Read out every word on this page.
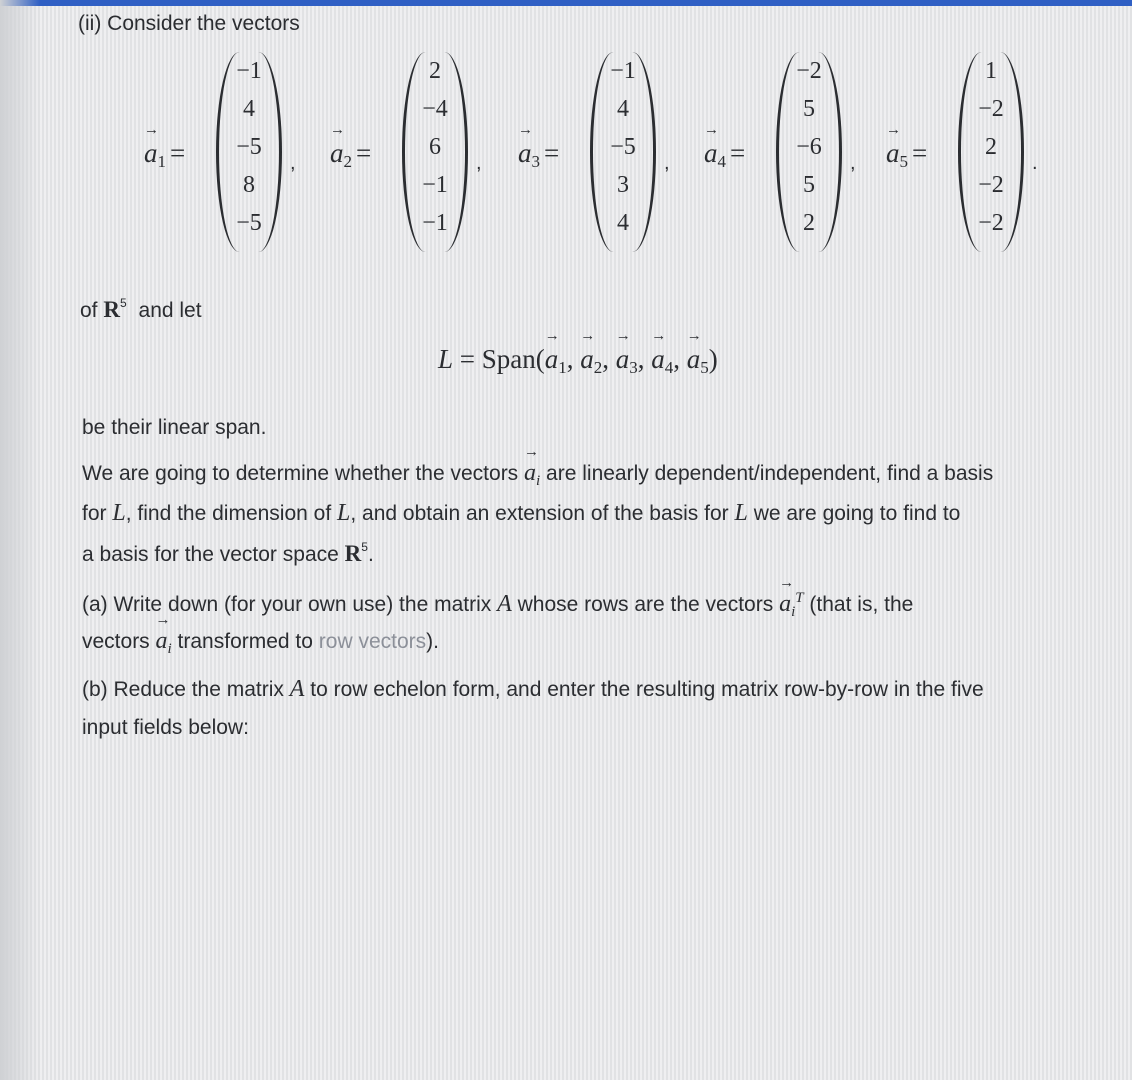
(ii) Consider the vectors
→ $a_1$ =
−1
4
−5
8
−5
, → $a_2$ =
2
−4
6
−1
−1
, → $a_3$ =
−1
4
−5
3
4
, → $a_4$ =
−2
5
−6
5
2
, → $a_5$ =
1
−2
2
−2
−2
.
of $R^5$ and let
L = Span(→ $a_1$, → $a_2$, → $a_3$, → $a_4$, → $a_5$)
be their linear span.
We are going to determine whether the vectors → $a_i$ are linearly dependent/independent, find a basis
for L, find the dimension of L, and obtain an extension of the basis for L we are going to find to
a basis for the vector space $R^5$.
(a) Write down (for your own use) the matrix A whose rows are the vectors → $a_i^T$ (that is, the
vectors → $a_i$ transformed to row vectors).
(b) Reduce the matrix A to row echelon form, and enter the resulting matrix row-by-row in the five
input fields below:
